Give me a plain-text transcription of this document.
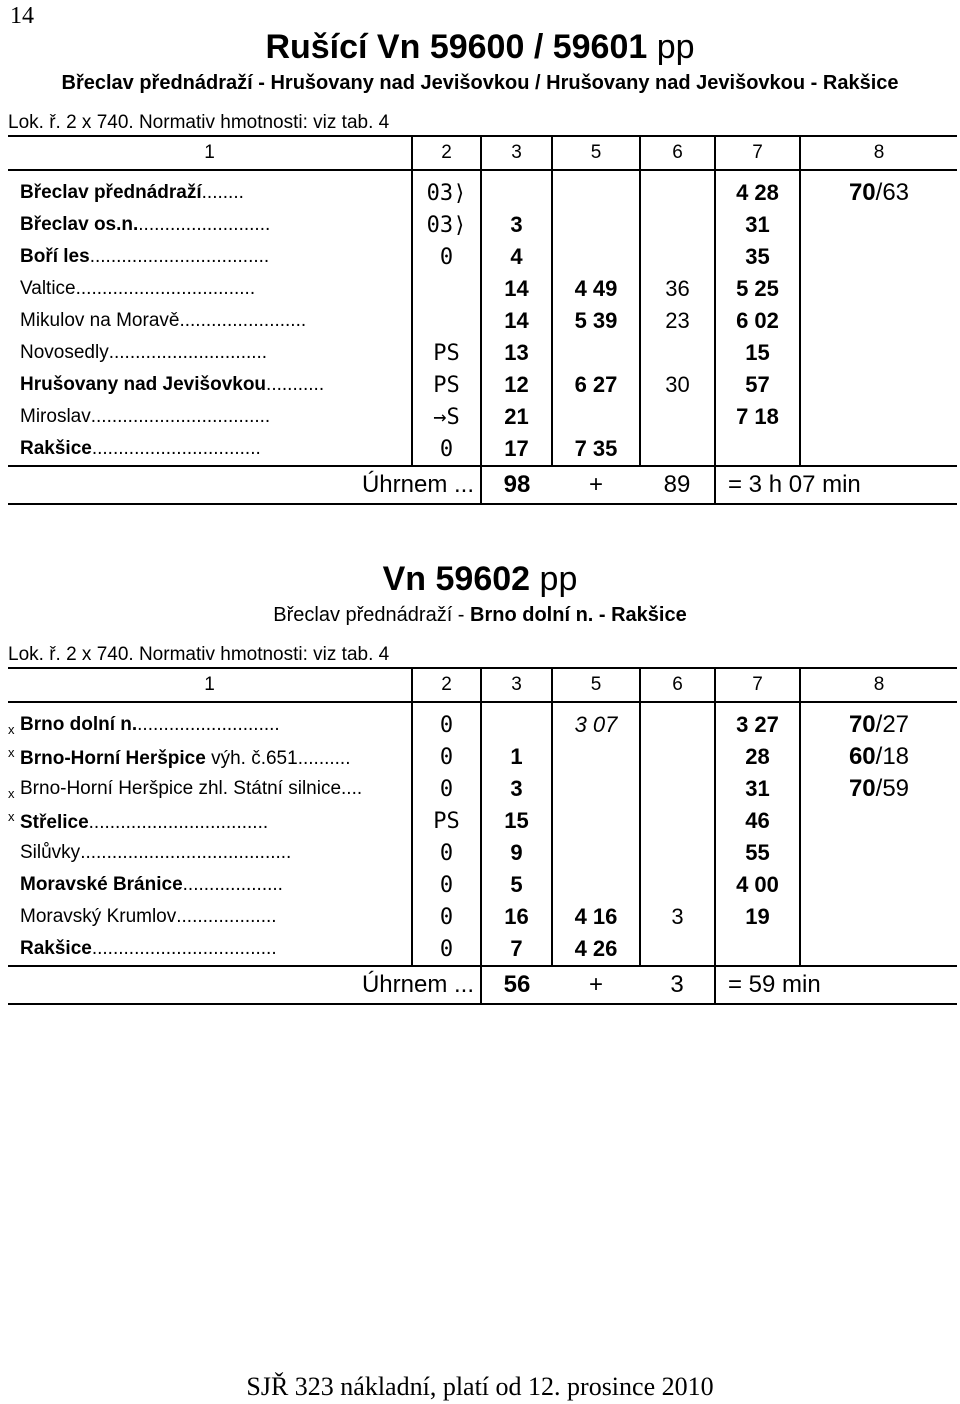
14
Rušící Vn 59600 / 59601 pp
Břeclav přednádraží - Hrušovany nad Jevišovkou / Hrušovany nad Jevišovkou - Rakšice
Lok. ř. 2 x 740. Normativ hmotnosti: viz tab. 4
1	2	3	5	6	7	8
Břeclav přednádraží........	03⟩				4 28	70/63
Břeclav os.n..........................	03⟩	3			31	
Boří les..................................	0	4			35	
Valtice..................................		14	4 49	36	5 25	
Mikulov na Moravě........................		14	5 39	23	6 02	
Novosedly..............................	PS	13			15	
Hrušovany nad Jevišovkou...........	PS	12	6 27	30	57	
Miroslav..................................	→S	21			7 18	
Rakšice................................	0	17	7 35			
Úhrnem ...		98	+	89	= 3 h 07 min	
Vn 59602 pp
Břeclav přednádraží - Brno dolní n. - Rakšice
Lok. ř. 2 x 740. Normativ hmotnosti: viz tab. 4
1	2	3	5	6	7	8
x Brno dolní n............................	0		3 07		3 27	70/27
x Brno-Horní Heršpice výh. č.651..........	0	1			28	60/18
x Brno-Horní Heršpice zhl. Státní silnice....	0	3			31	70/59
x Střelice..................................	PS	15			46	
Silůvky........................................	0	9			55	
Moravské Bránice...................	0	5			4 00	
Moravský Krumlov...................	0	16	4 16	3	19	
Rakšice...................................	0	7	4 26			
Úhrnem ...		56	+	3	= 59 min	
SJŘ 323 nákladní, platí od 12. prosince 2010
